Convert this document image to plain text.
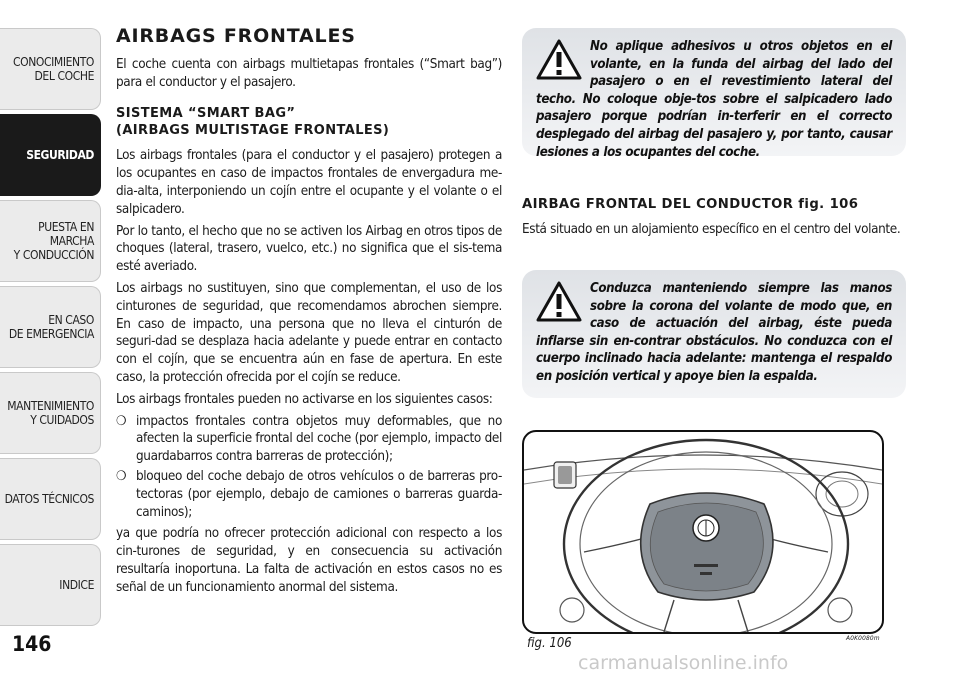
CONOCIMIENTO
DEL COCHE
SEGURIDAD
PUESTA EN MARCHA
Y CONDUCCIÓN
EN CASO
DE EMERGENCIA
MANTENIMIENTO
Y CUIDADOS
DATOS TÉCNICOS
INDICE
146
AIRBAGS FRONTALES

El coche cuenta con airbags multietapas frontales (“Smart bag”) para el conductor y el pasajero.

SISTEMA “SMART BAG”
(AIRBAGS MULTISTAGE FRONTALES)

Los airbags frontales (para el conductor y el pasajero) protegen a los ocupantes en caso de impactos frontales de envergadura me-dia-alta, interponiendo un cojín entre el ocupante y el volante o el salpicadero.

Por lo tanto, el hecho que no se activen los Airbag en otros tipos de choques (lateral, trasero, vuelco, etc.) no significa que el sis-tema esté averiado.

Los airbags no sustituyen, sino que complementan, el uso de los cinturones de seguridad, que recomendamos abrochen siempre. En caso de impacto, una persona que no lleva el cinturón de seguri-dad se desplaza hacia adelante y puede entrar en contacto con el cojín, que se encuentra aún en fase de apertura. En este caso, la protección ofrecida por el cojín se reduce.

Los airbags frontales pueden no activarse en los siguientes casos:

❍ impactos frontales contra objetos muy deformables, que no afecten la superficie frontal del coche (por ejemplo, impacto del guardabarros contra barreras de protección);
❍ bloqueo del coche debajo de otros vehículos o de barreras pro-tectoras (por ejemplo, debajo de camiones o barreras guarda-caminos);

ya que podría no ofrecer protección adicional con respecto a los cin-turones de seguridad, y en consecuencia su activación resultaría inoportuna. La falta de activación en estos casos no es señal de un funcionamiento anormal del sistema.

No aplique adhesivos u otros objetos en el volante, en la funda del airbag del lado del pasajero o en el revestimiento lateral del techo. No coloque obje-tos sobre el salpicadero lado pasajero porque podrían in-terferir en el correcto desplegado del airbag del pasajero y, por tanto, causar lesiones a los ocupantes del coche.
AIRBAG FRONTAL DEL CONDUCTOR fig. 106

Está situado en un alojamiento específico en el centro del volante.

Conduzca manteniendo siempre las manos sobre la corona del volante de modo que, en caso de actuación del airbag, éste pueda inflarse sin en-contrar obstáculos. No conduzca con el cuerpo inclinado hacia adelante: mantenga el respaldo en posición vertical y apoye bien la espalda.
fig. 106	A0K0080m
carmanualsonline.info
